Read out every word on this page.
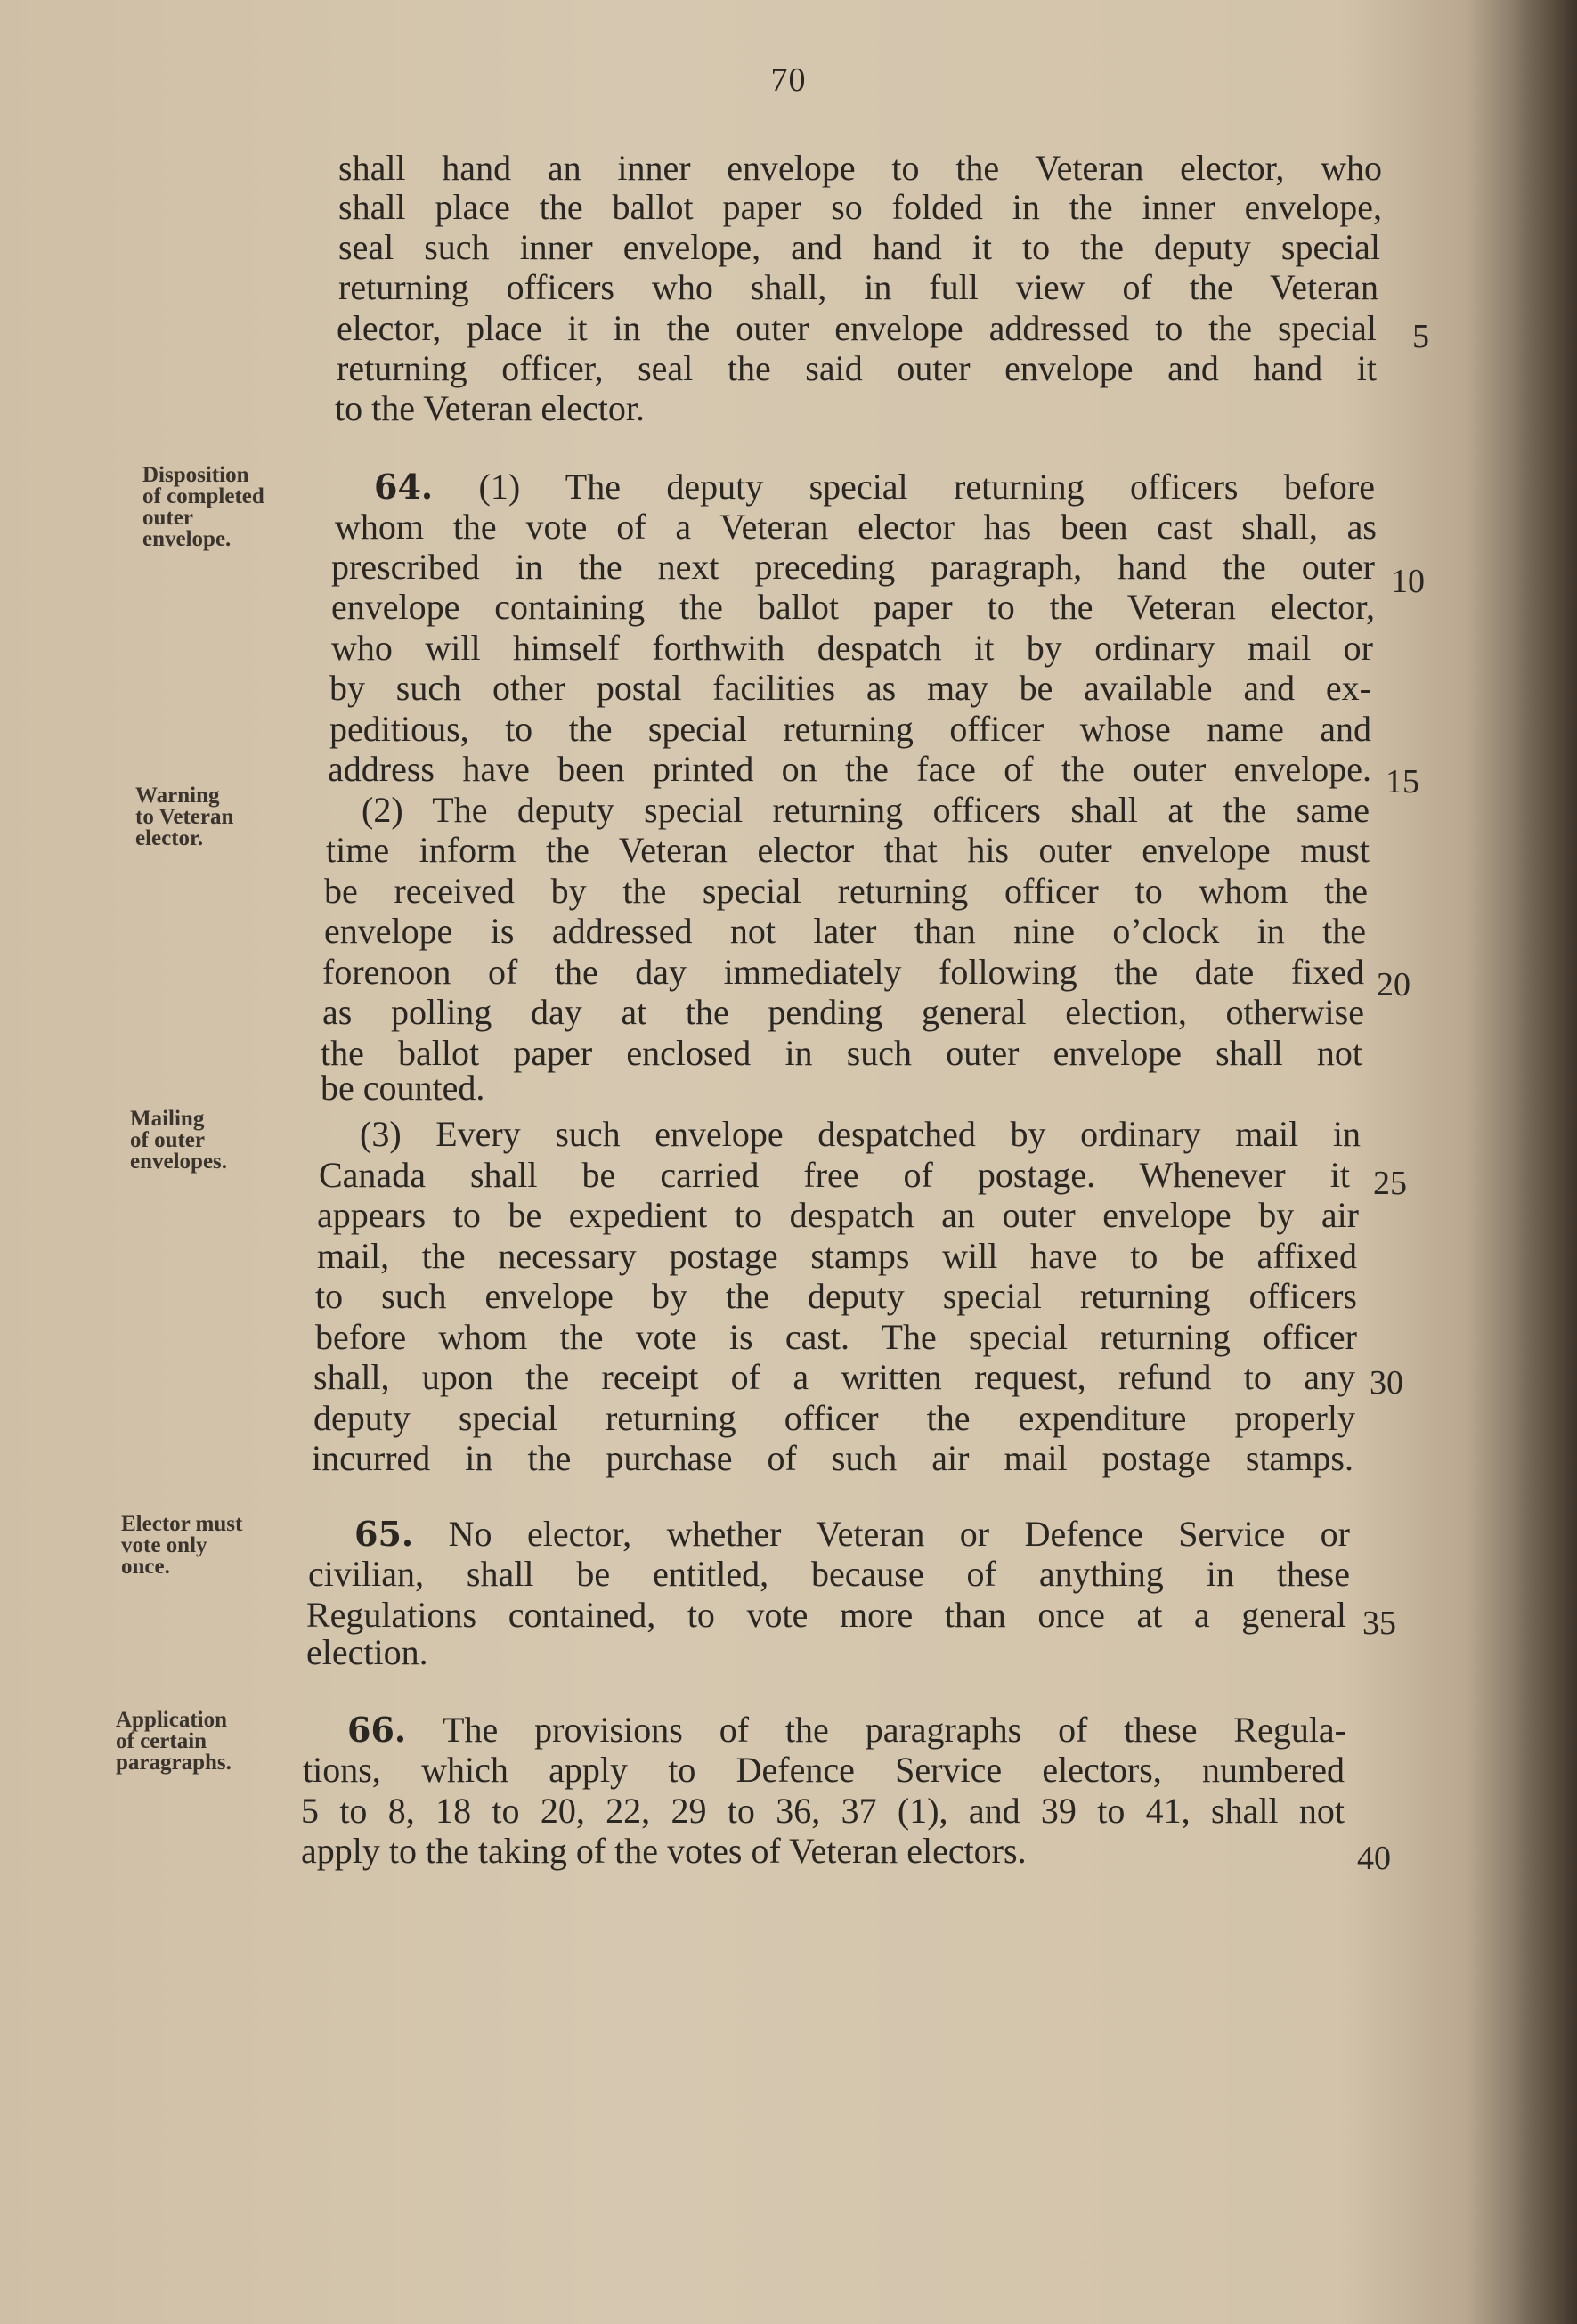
70
shall hand an inner envelope to the Veteran elector, who
shall place the ballot paper so folded in the inner envelope,
seal such inner envelope, and hand it to the deputy special
returning officers who shall, in full view of the Veteran
elector, place it in the outer envelope addressed to the special
returning officer, seal the said outer envelope and hand it
to the Veteran elector.
64. (1) The deputy special returning officers before
whom the vote of a Veteran elector has been cast shall, as
prescribed in the next preceding paragraph, hand the outer
envelope containing the ballot paper to the Veteran elector,
who will himself forthwith despatch it by ordinary mail or
by such other postal facilities as may be available and ex-
peditious, to the special returning officer whose name and
address have been printed on the face of the outer envelope.
(2) The deputy special returning officers shall at the same
time inform the Veteran elector that his outer envelope must
be received by the special returning officer to whom the
envelope is addressed not later than nine o’clock in the
forenoon of the day immediately following the date fixed
as polling day at the pending general election, otherwise
the ballot paper enclosed in such outer envelope shall not
be counted.
(3) Every such envelope despatched by ordinary mail in
Canada shall be carried free of postage. Whenever it
appears to be expedient to despatch an outer envelope by air
mail, the necessary postage stamps will have to be affixed
to such envelope by the deputy special returning officers
before whom the vote is cast. The special returning officer
shall, upon the receipt of a written request, refund to any
deputy special returning officer the expenditure properly
incurred in the purchase of such air mail postage stamps.
65. No elector, whether Veteran or Defence Service or
civilian, shall be entitled, because of anything in these
Regulations contained, to vote more than once at a general
election.
66. The provisions of the paragraphs of these Regula-
tions, which apply to Defence Service electors, numbered
5 to 8, 18 to 20, 22, 29 to 36, 37 (1), and 39 to 41, shall not
apply to the taking of the votes of Veteran electors.
5
10
15
20
25
30
35
40
Disposition
of completed
outer
envelope.
Warning
to Veteran
elector.
Mailing
of outer
envelopes.
Elector must
vote only
once.
Application
of certain
paragraphs.
